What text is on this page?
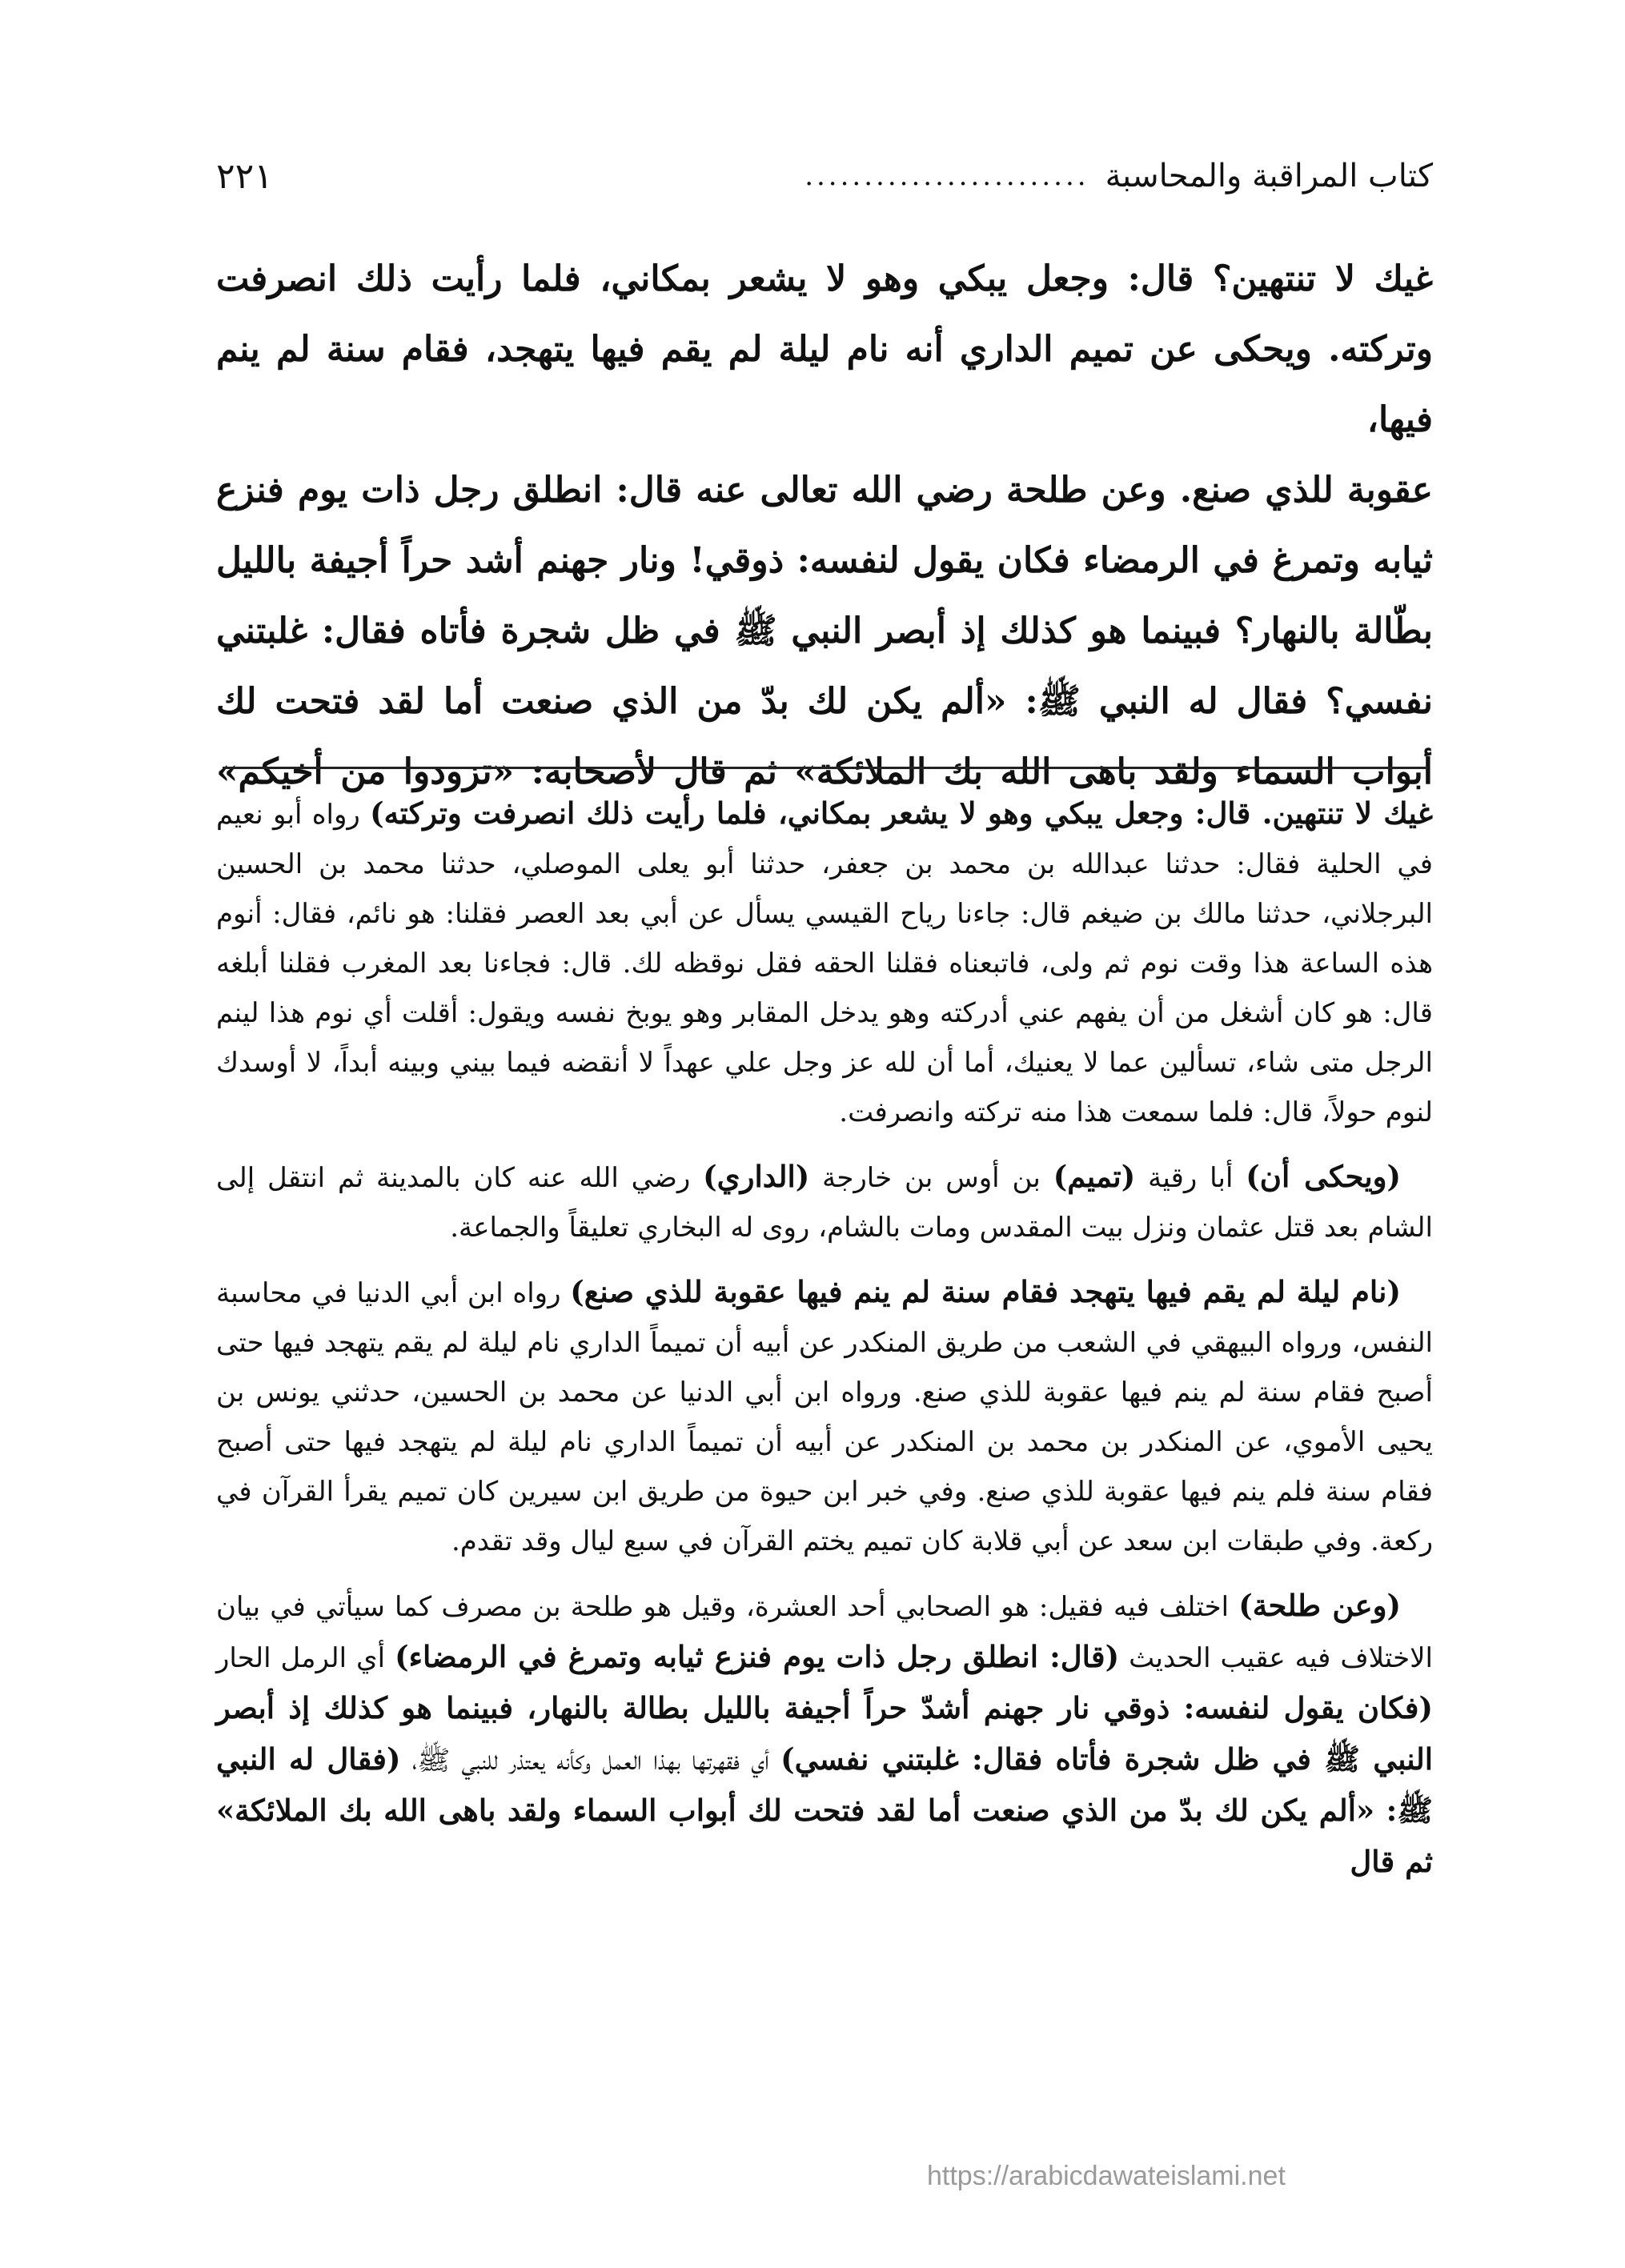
كتاب المراقبة والمحاسبة
........................
٢٢١

غيك لا تنتهين؟ قال: وجعل يبكي وهو لا يشعر بمكاني، فلما رأيت ذلك انصرفت

وتركته. ويحكى عن تميم الداري أنه نام ليلة لم يقم فيها يتهجد، فقام سنة لم ينم فيها،

عقوبة للذي صنع. وعن طلحة رضي الله تعالى عنه قال: انطلق رجل ذات يوم فنزع

ثيابه وتمرغ في الرمضاء فكان يقول لنفسه: ذوقي! ونار جهنم أشد حراً أجيفة بالليل

بطّالة بالنهار؟ فبينما هو كذلك إذ أبصر النبي ﷺ في ظل شجرة فأتاه فقال: غلبتني

نفسي؟ فقال له النبي ﷺ: «ألم يكن لك بدّ من الذي صنعت أما لقد فتحت لك

أبواب السماء ولقد باهى الله بك الملائكة» ثم قال لأصحابه: «تزودوا من أخيكم»

غيك لا تنتهين. قال: وجعل يبكي وهو لا يشعر بمكاني، فلما رأيت ذلك انصرفت وتركته) رواه أبو نعيم في الحلية فقال: حدثنا عبدالله بن محمد بن جعفر، حدثنا أبو يعلى الموصلي، حدثنا محمد بن الحسين البرجلاني، حدثنا مالك بن ضيغم قال: جاءنا رياح القيسي يسأل عن أبي بعد العصر فقلنا: هو نائم، فقال: أنوم هذه الساعة هذا وقت نوم ثم ولى، فاتبعناه فقلنا الحقه فقل نوقظه لك. قال: فجاءنا بعد المغرب فقلنا أبلغه قال: هو كان أشغل من أن يفهم عني أدركته وهو يدخل المقابر وهو يوبخ نفسه ويقول: أقلت أي نوم هذا لينم الرجل متى شاء، تسألين عما لا يعنيك، أما أن لله عز وجل علي عهداً لا أنقضه فيما بيني وبينه أبداً، لا أوسدك لنوم حولاً، قال: فلما سمعت هذا منه تركته وانصرفت.

(ويحكى أن) أبا رقية (تميم) بن أوس بن خارجة (الداري) رضي الله عنه كان بالمدينة ثم انتقل إلى الشام بعد قتل عثمان ونزل بيت المقدس ومات بالشام، روى له البخاري تعليقاً والجماعة.

(نام ليلة لم يقم فيها يتهجد فقام سنة لم ينم فيها عقوبة للذي صنع) رواه ابن أبي الدنيا في محاسبة النفس، ورواه البيهقي في الشعب من طريق المنكدر عن أبيه أن تميماً الداري نام ليلة لم يقم يتهجد فيها حتى أصبح فقام سنة لم ينم فيها عقوبة للذي صنع. ورواه ابن أبي الدنيا عن محمد بن الحسين، حدثني يونس بن يحيى الأموي، عن المنكدر بن محمد بن المنكدر عن أبيه أن تميماً الداري نام ليلة لم يتهجد فيها حتى أصبح فقام سنة فلم ينم فيها عقوبة للذي صنع. وفي خبر ابن حيوة من طريق ابن سيرين كان تميم يقرأ القرآن في ركعة. وفي طبقات ابن سعد عن أبي قلابة كان تميم يختم القرآن في سبع ليال وقد تقدم.

(وعن طلحة) اختلف فيه فقيل: هو الصحابي أحد العشرة، وقيل هو طلحة بن مصرف كما سيأتي في بيان الاختلاف فيه عقيب الحديث (قال: انطلق رجل ذات يوم فنزع ثيابه وتمرغ في الرمضاء) أي الرمل الحار (فكان يقول لنفسه: ذوقي نار جهنم أشدّ حراً أجيفة بالليل بطالة بالنهار، فبينما هو كذلك إذ أبصر النبي ﷺ في ظل شجرة فأتاه فقال: غلبتني نفسي) أي فقهرتها بهذا العمل وكأنه يعتذر للنبي ﷺ، (فقال له النبي ﷺ: «ألم يكن لك بدّ من الذي صنعت أما لقد فتحت لك أبواب السماء ولقد باهى الله بك الملائكة» ثم قال

https://arabicdawateislami.net
